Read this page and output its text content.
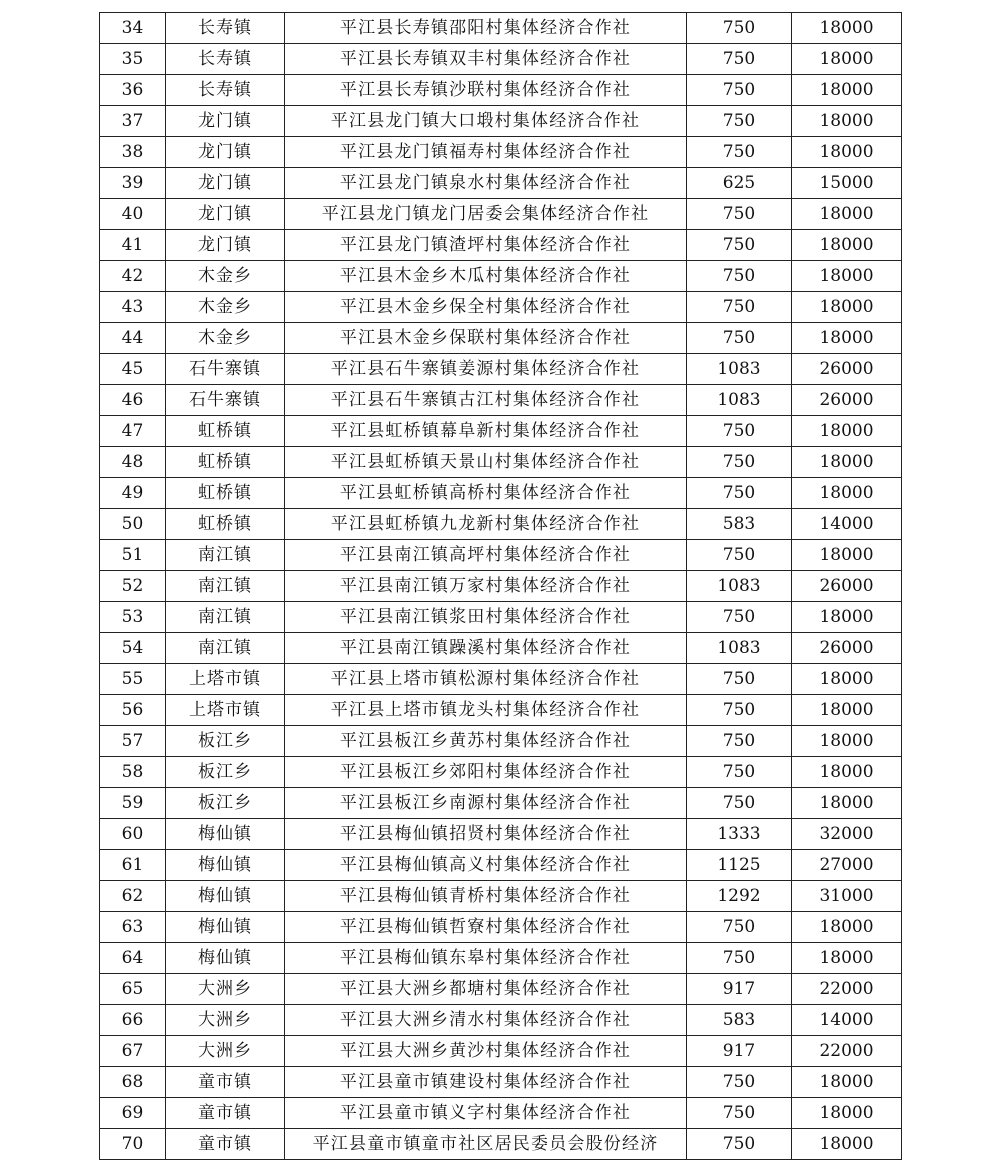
34	长寿镇	平江县长寿镇邵阳村集体经济合作社	750	18000
35	长寿镇	平江县长寿镇双丰村集体经济合作社	750	18000
36	长寿镇	平江县长寿镇沙联村集体经济合作社	750	18000
37	龙门镇	平江县龙门镇大口塅村集体经济合作社	750	18000
38	龙门镇	平江县龙门镇福寿村集体经济合作社	750	18000
39	龙门镇	平江县龙门镇泉水村集体经济合作社	625	15000
40	龙门镇	平江县龙门镇龙门居委会集体经济合作社	750	18000
41	龙门镇	平江县龙门镇渣坪村集体经济合作社	750	18000
42	木金乡	平江县木金乡木瓜村集体经济合作社	750	18000
43	木金乡	平江县木金乡保全村集体经济合作社	750	18000
44	木金乡	平江县木金乡保联村集体经济合作社	750	18000
45	石牛寨镇	平江县石牛寨镇姜源村集体经济合作社	1083	26000
46	石牛寨镇	平江县石牛寨镇古江村集体经济合作社	1083	26000
47	虹桥镇	平江县虹桥镇幕阜新村集体经济合作社	750	18000
48	虹桥镇	平江县虹桥镇天景山村集体经济合作社	750	18000
49	虹桥镇	平江县虹桥镇高桥村集体经济合作社	750	18000
50	虹桥镇	平江县虹桥镇九龙新村集体经济合作社	583	14000
51	南江镇	平江县南江镇高坪村集体经济合作社	750	18000
52	南江镇	平江县南江镇万家村集体经济合作社	1083	26000
53	南江镇	平江县南江镇浆田村集体经济合作社	750	18000
54	南江镇	平江县南江镇躁溪村集体经济合作社	1083	26000
55	上塔市镇	平江县上塔市镇松源村集体经济合作社	750	18000
56	上塔市镇	平江县上塔市镇龙头村集体经济合作社	750	18000
57	板江乡	平江县板江乡黄苏村集体经济合作社	750	18000
58	板江乡	平江县板江乡郊阳村集体经济合作社	750	18000
59	板江乡	平江县板江乡南源村集体经济合作社	750	18000
60	梅仙镇	平江县梅仙镇招贤村集体经济合作社	1333	32000
61	梅仙镇	平江县梅仙镇高义村集体经济合作社	1125	27000
62	梅仙镇	平江县梅仙镇青桥村集体经济合作社	1292	31000
63	梅仙镇	平江县梅仙镇哲寮村集体经济合作社	750	18000
64	梅仙镇	平江县梅仙镇东皋村集体经济合作社	750	18000
65	大洲乡	平江县大洲乡都塘村集体经济合作社	917	22000
66	大洲乡	平江县大洲乡清水村集体经济合作社	583	14000
67	大洲乡	平江县大洲乡黄沙村集体经济合作社	917	22000
68	童市镇	平江县童市镇建设村集体经济合作社	750	18000
69	童市镇	平江县童市镇义字村集体经济合作社	750	18000
70	童市镇	平江县童市镇童市社区居民委员会股份经济	750	18000
